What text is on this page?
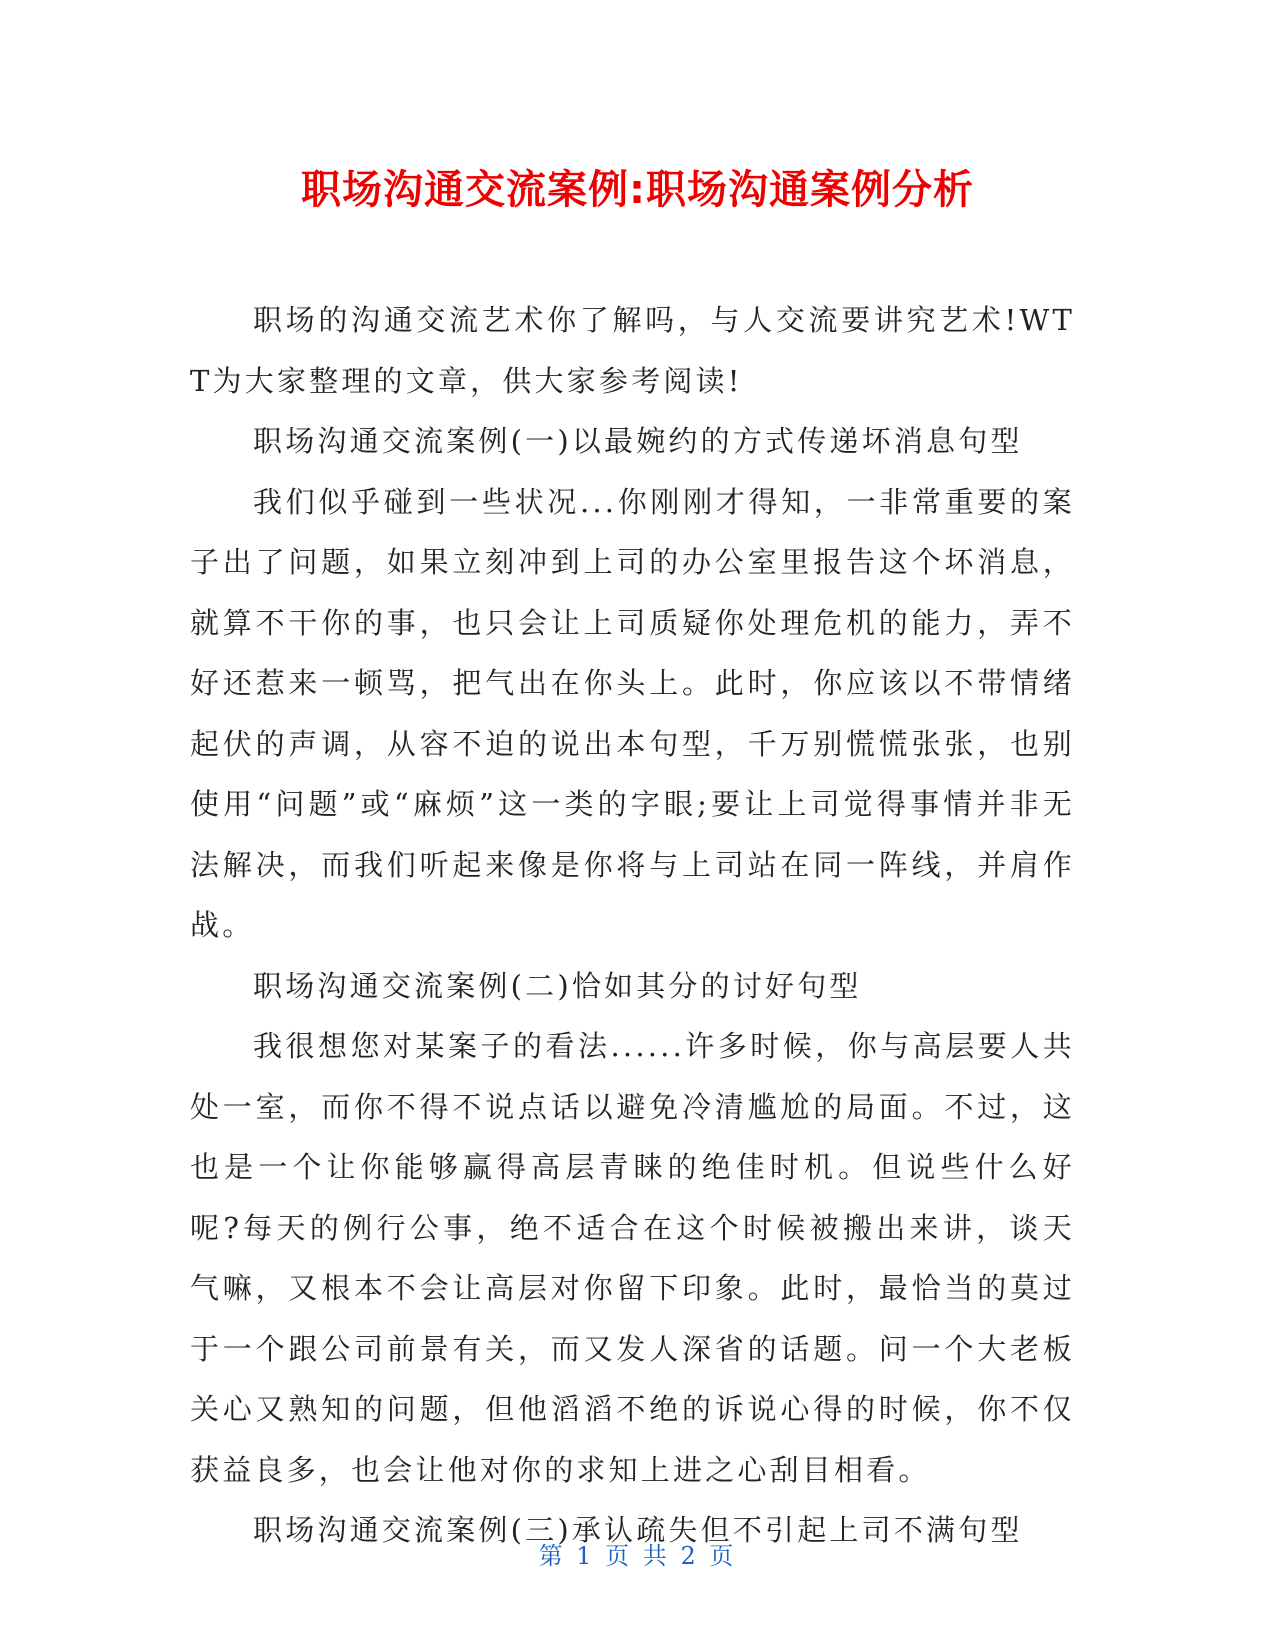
职场沟通交流案例:职场沟通案例分析

职场的沟通交流艺术你了解吗，与人交流要讲究艺术!WTT为大家整理的文章，供大家参考阅读!

职场沟通交流案例(一)以最婉约的方式传递坏消息句型

我们似乎碰到一些状况...你刚刚才得知，一非常重要的案子出了问题，如果立刻冲到上司的办公室里报告这个坏消息，就算不干你的事，也只会让上司质疑你处理危机的能力，弄不好还惹来一顿骂，把气出在你头上。此时，你应该以不带情绪起伏的声调，从容不迫的说出本句型，千万别慌慌张张，也别使用“问题”或“麻烦”这一类的字眼;要让上司觉得事情并非无法解决，而我们听起来像是你将与上司站在同一阵线，并肩作战。

职场沟通交流案例(二)恰如其分的讨好句型

我很想您对某案子的看法......许多时候，你与高层要人共处一室，而你不得不说点话以避免冷清尴尬的局面。不过，这也是一个让你能够赢得高层青睐的绝佳时机。但说些什么好呢?每天的例行公事，绝不适合在这个时候被搬出来讲，谈天气嘛，又根本不会让高层对你留下印象。此时，最恰当的莫过于一个跟公司前景有关，而又发人深省的话题。问一个大老板关心又熟知的问题，但他滔滔不绝的诉说心得的时候，你不仅获益良多，也会让他对你的求知上进之心刮目相看。

职场沟通交流案例(三)承认疏失但不引起上司不满句型

第 1 页 共 2 页
